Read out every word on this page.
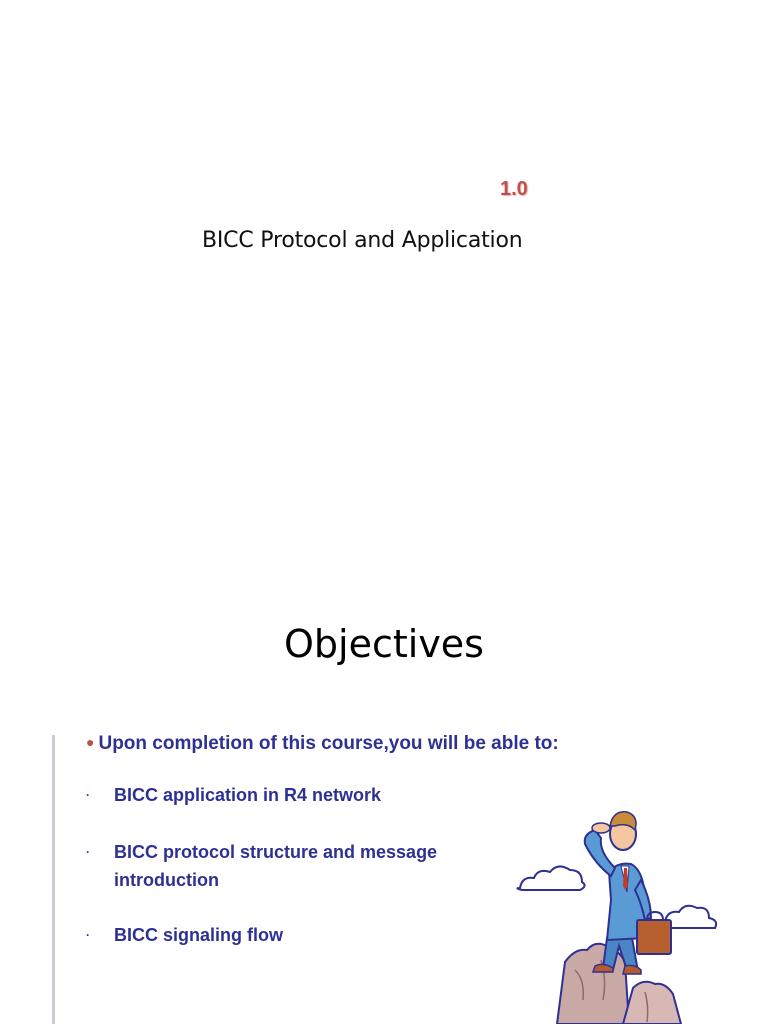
1.0
BICC Protocol and Application
Objectives
● Upon completion of this course,you will be able to:
· BICC application in R4 network
· BICC protocol structure and message introduction
· BICC signaling flow
